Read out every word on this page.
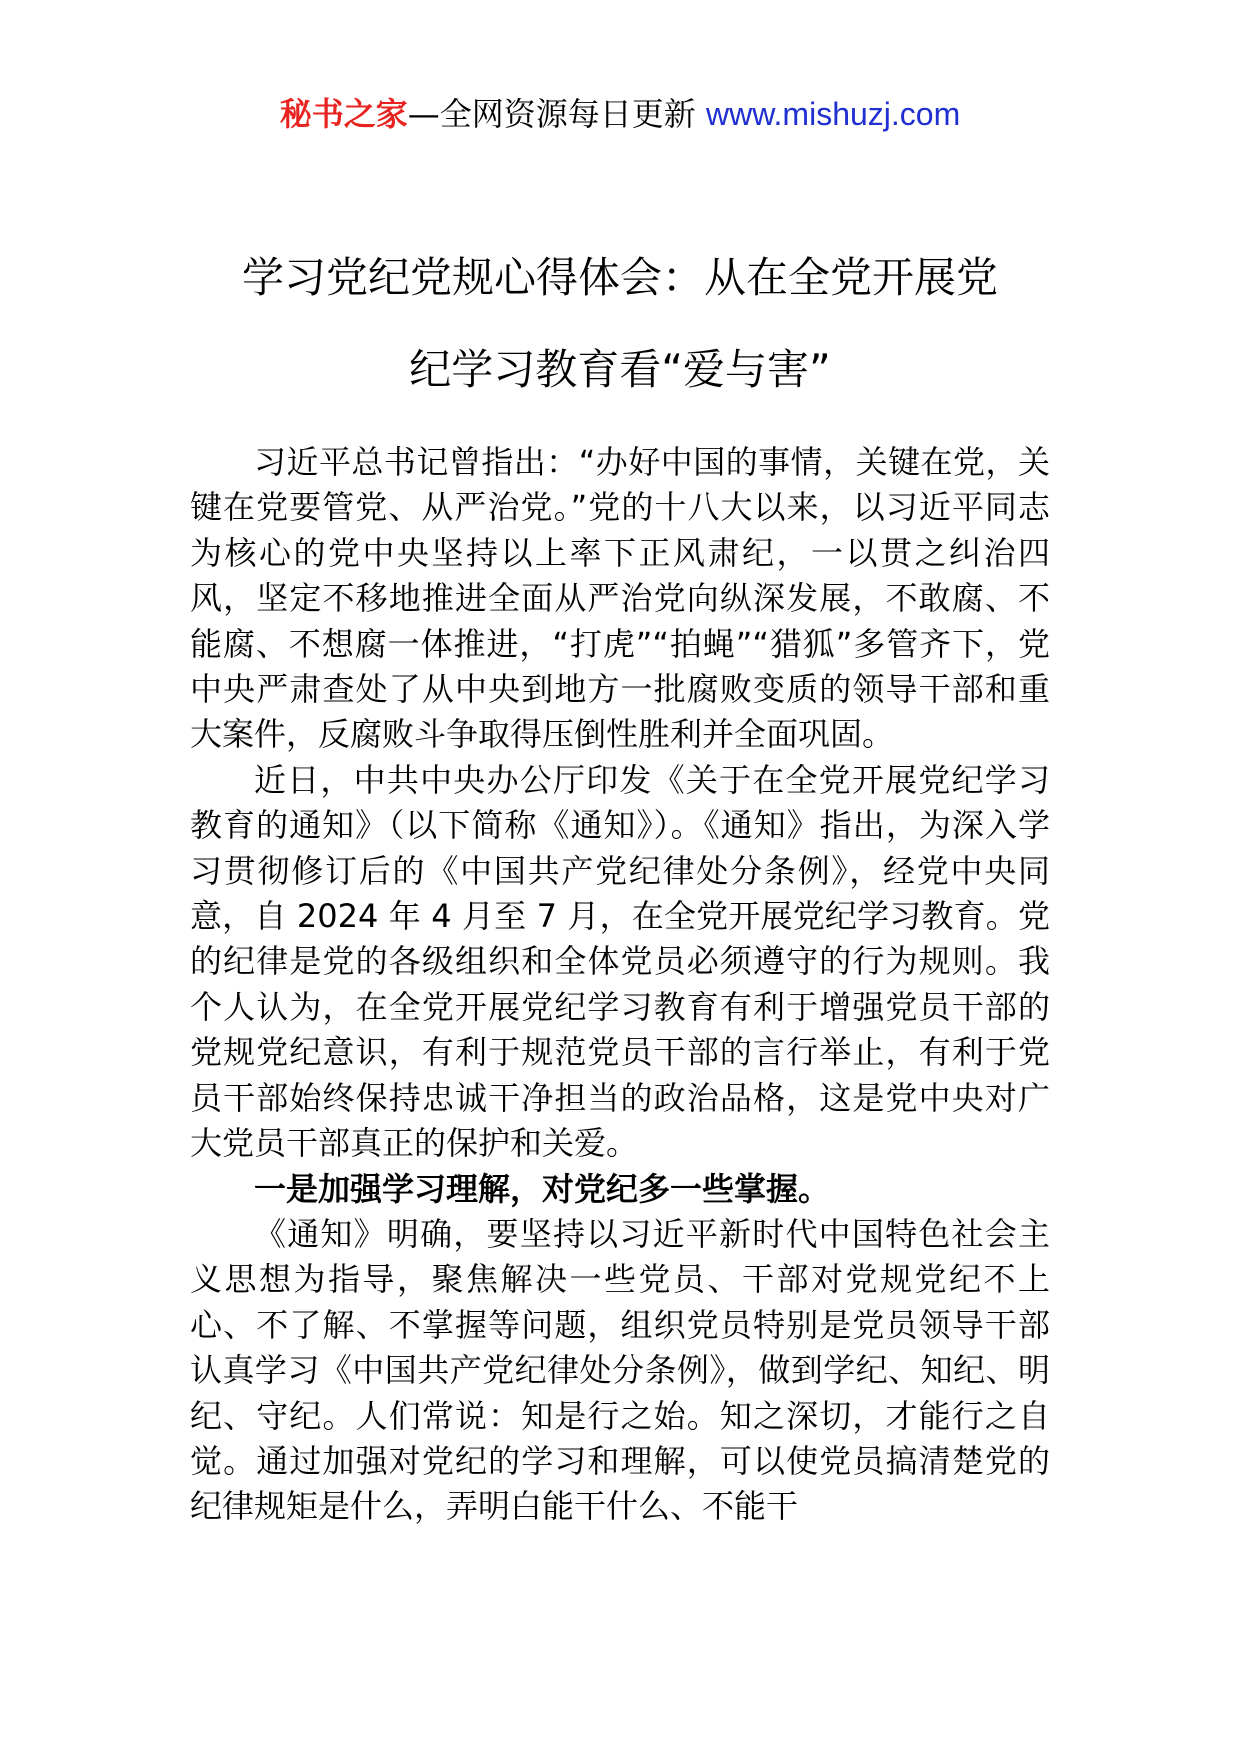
秘书之家—全网资源每日更新 www.mishuzj.com
学习党纪党规心得体会：从在全党开展党
纪学习教育看“爱与害”

习近平总书记曾指出：“办好中国的事情，关键在党，关键在党要管党、从严治党。”党的十八大以来，以习近平同志为核心的党中央坚持以上率下正风肃纪，一以贯之纠治四风，坚定不移地推进全面从严治党向纵深发展，不敢腐、不能腐、不想腐一体推进，“打虎”“拍蝇”“猎狐”多管齐下，党中央严肃查处了从中央到地方一批腐败变质的领导干部和重大案件，反腐败斗争取得压倒性胜利并全面巩固。

近日，中共中央办公厅印发《关于在全党开展党纪学习教育的通知》（以下简称《通知》）。《通知》指出，为深入学习贯彻修订后的《中国共产党纪律处分条例》，经党中央同意，自 2024 年 4 月至 7 月，在全党开展党纪学习教育。党的纪律是党的各级组织和全体党员必须遵守的行为规则。我个人认为，在全党开展党纪学习教育有利于增强党员干部的党规党纪意识，有利于规范党员干部的言行举止，有利于党员干部始终保持忠诚干净担当的政治品格，这是党中央对广大党员干部真正的保护和关爱。

一是加强学习理解，对党纪多一些掌握。

《通知》明确，要坚持以习近平新时代中国特色社会主义思想为指导，聚焦解决一些党员、干部对党规党纪不上心、不了解、不掌握等问题，组织党员特别是党员领导干部认真学习《中国共产党纪律处分条例》，做到学纪、知纪、明纪、守纪。人们常说：知是行之始。知之深切，才能行之自觉。通过加强对党纪的学习和理解，可以使党员搞清楚党的纪律规矩是什么，弄明白能干什么、不能干
